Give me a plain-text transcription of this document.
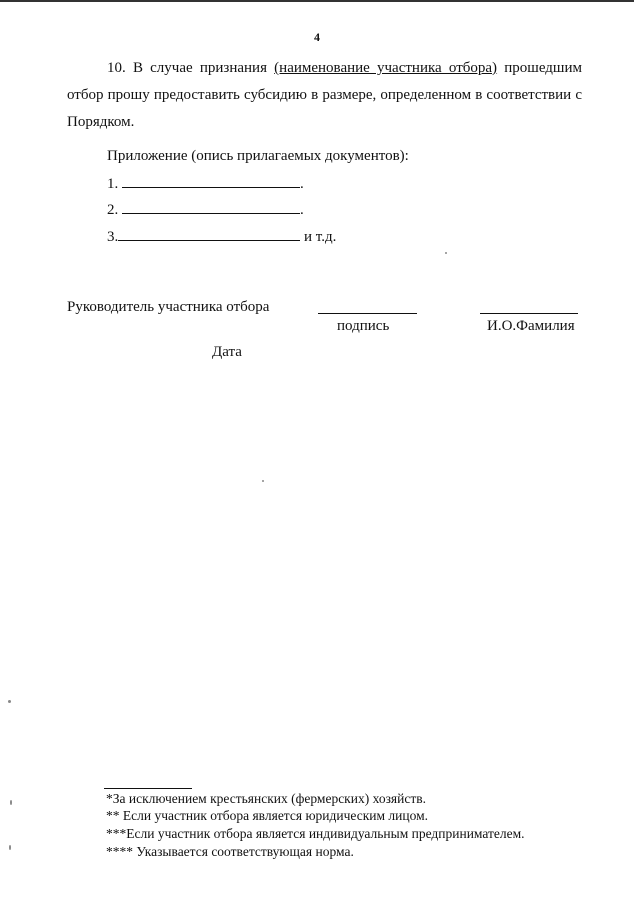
4
10. В случае признания (наименование участника отбора) прошедшим
отбор прошу предоставить субсидию в размере, определенном в соответствии с
Порядком.
Приложение (опись прилагаемых документов):
1.	.
2.	.
3.	и т.д.
Руководитель участника отбора
подпись	И.О.Фамилия
Дата
*За исключением крестьянских (фермерских) хозяйств.
** Если участник отбора является юридическим лицом.
***Если участник отбора является индивидуальным предпринимателем.
**** Указывается соответствующая норма.
